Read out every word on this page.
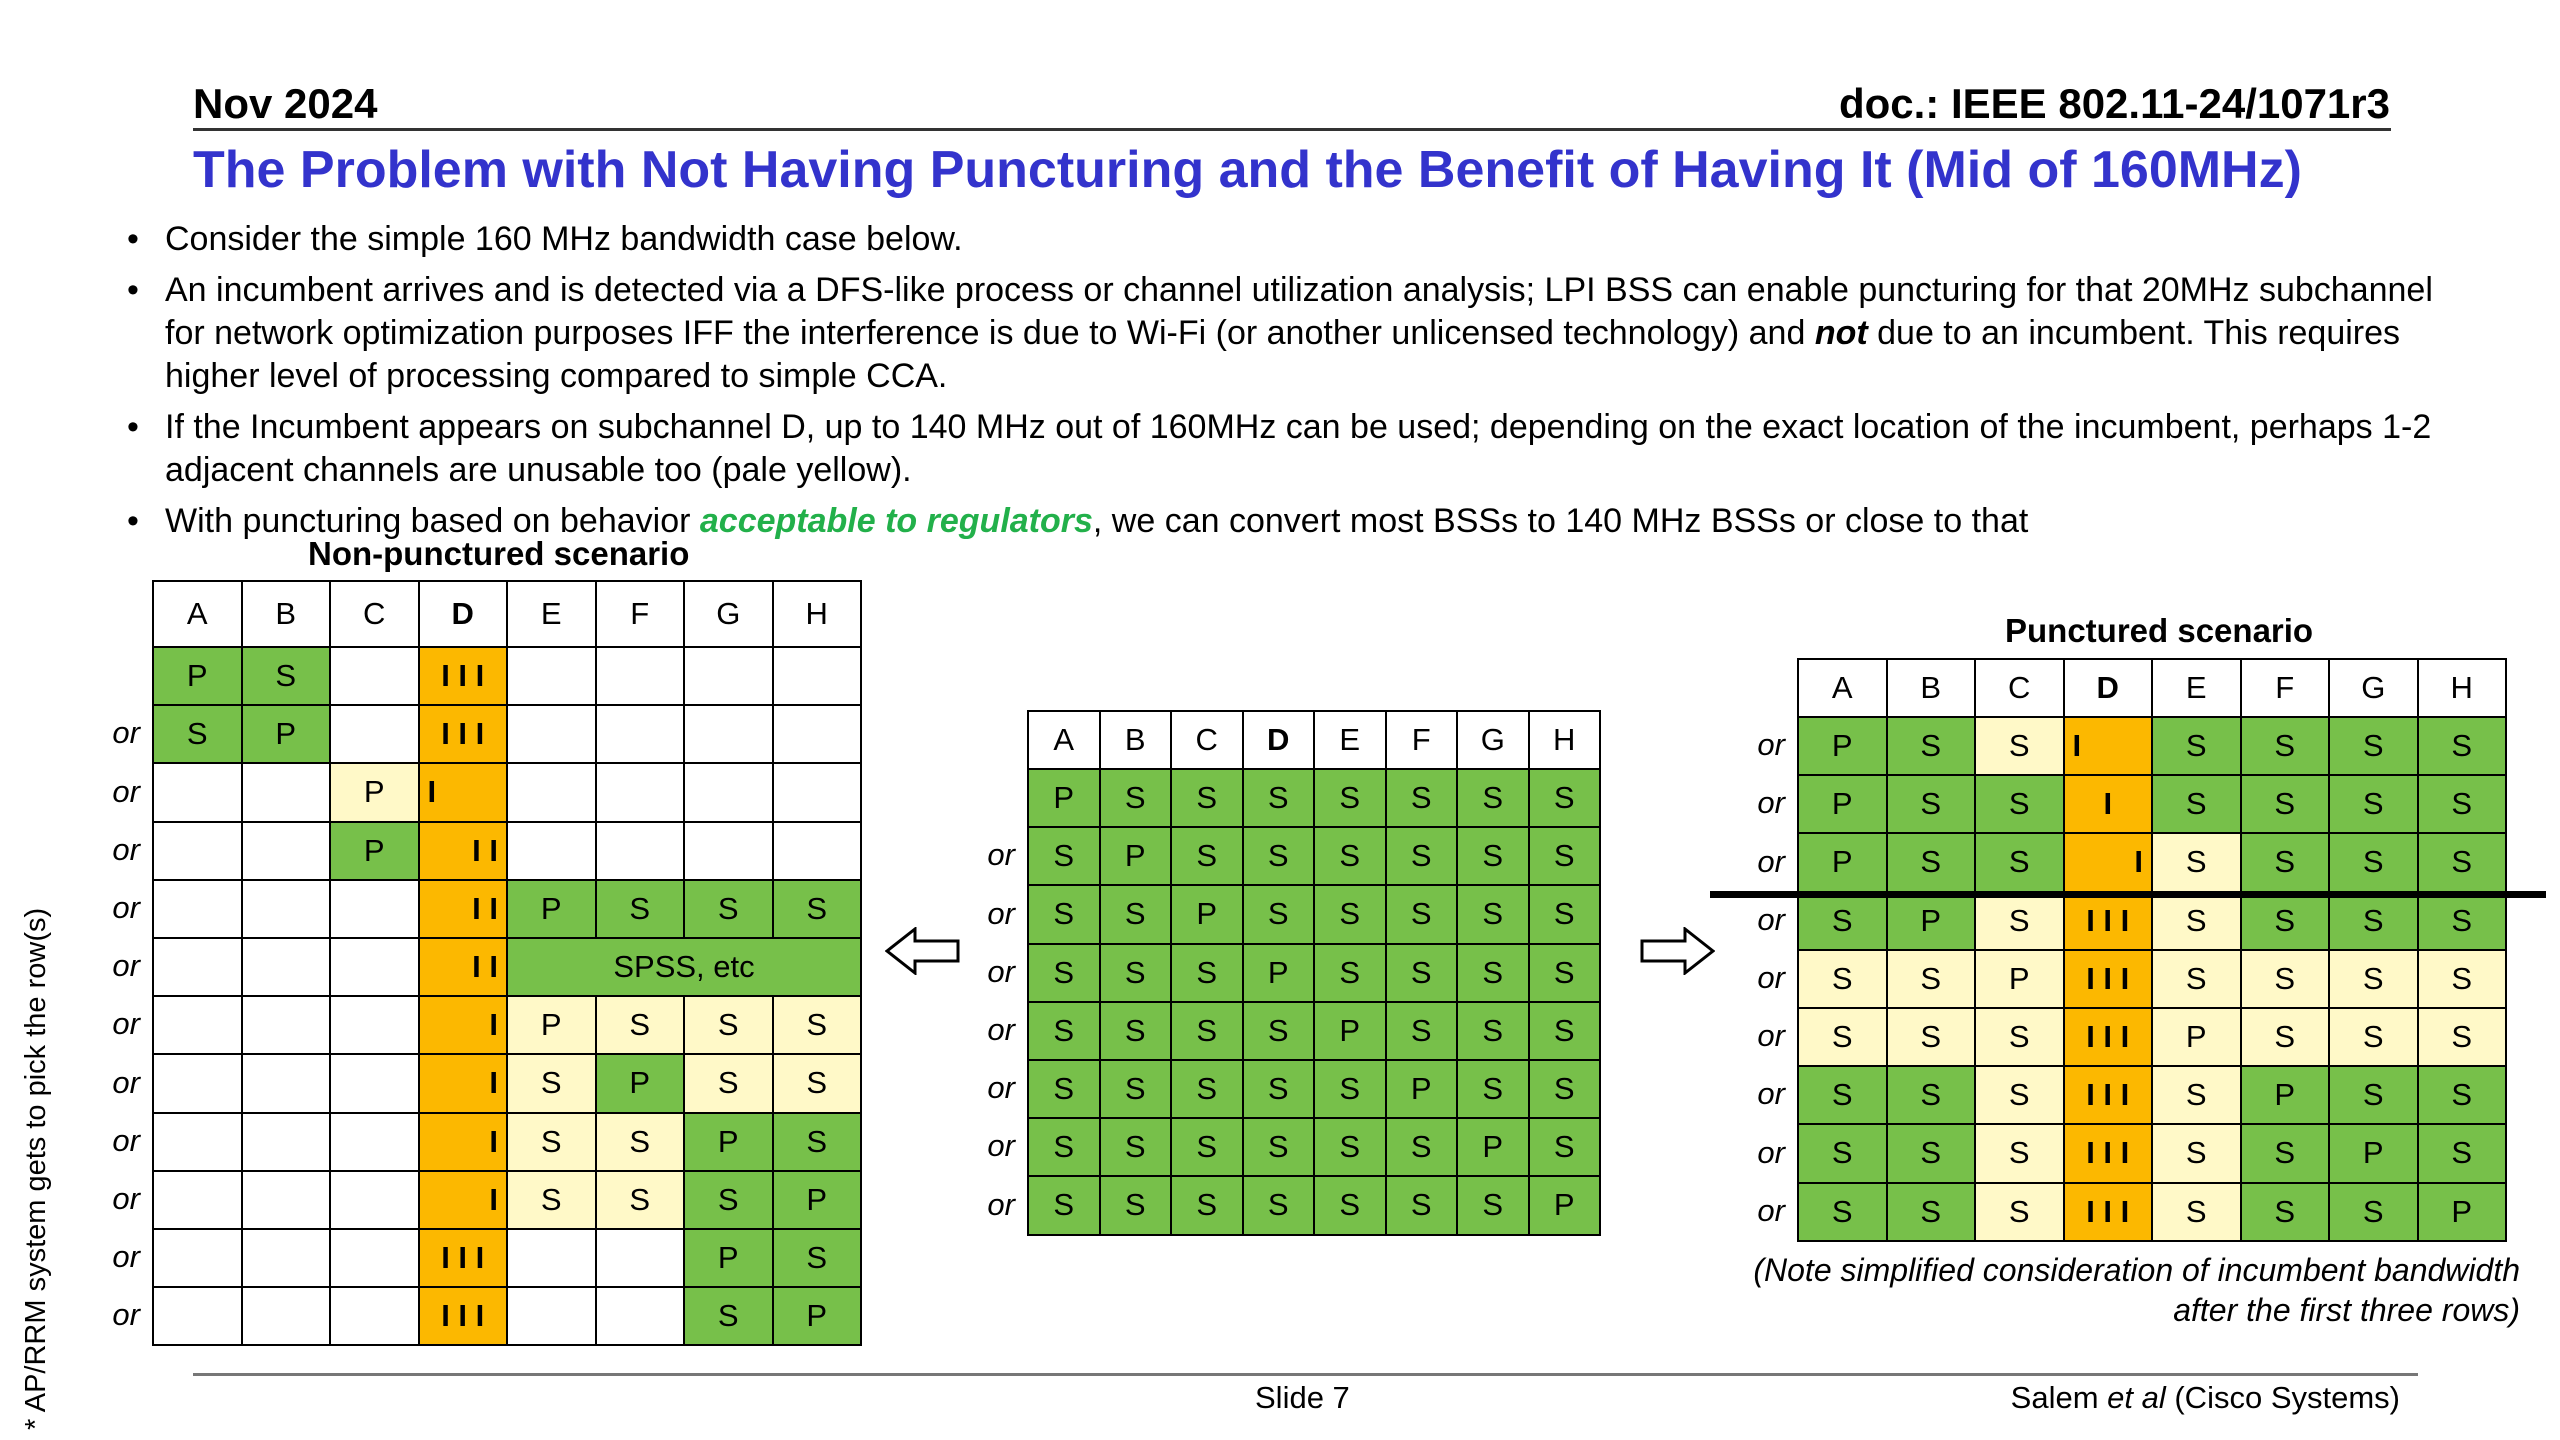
Nov 2024	doc.: IEEE 802.11-24/1071r3
The Problem with Not Having Puncturing and the Benefit of Having It (Mid of 160MHz)
• Consider the simple 160 MHz bandwidth case below.
• An incumbent arrives and is detected via a DFS-like process or channel utilization analysis; LPI BSS can enable puncturing for that 20MHz subchannel for network optimization purposes IFF the interference is due to Wi-Fi (or another unlicensed technology) and not due to an incumbent. This requires higher level of processing compared to simple CCA.
• If the Incumbent appears on subchannel D, up to 140 MHz out of 160MHz can be used; depending on the exact location of the incumbent, perhaps 1-2 adjacent channels are unusable too (pale yellow).
• With puncturing based on behavior acceptable to regulators, we can convert most BSSs to 140 MHz BSSs or close to that
Non-punctured scenario
Punctured scenario
or
or
or
or
or
or
or
or
or
or
or
A	B	C	D	E	F	G	H
P	S		I I I				
S	P		I I I				
		P	I				
		P	I I				
			I I	P	S	S	S
			I I	SPSS, etc			
			I	P	S	S	S
			I	S	P	S	S
			I	S	S	P	S
			I	S	S	S	P
			I I I			P	S
			I I I			S	P
or
or
or
or
or
or
or
A	B	C	D	E	F	G	H
P	S	S	S	S	S	S	S
S	P	S	S	S	S	S	S
S	S	P	S	S	S	S	S
S	S	S	P	S	S	S	S
S	S	S	S	P	S	S	S
S	S	S	S	S	P	S	S
S	S	S	S	S	S	P	S
S	S	S	S	S	S	S	P
or
or
or
or
or
or
or
or
or
A	B	C	D	E	F	G	H
P	S	S	I	S	S	S	S
P	S	S	I	S	S	S	S
P	S	S	I	S	S	S	S
S	P	S	I I I	S	S	S	S
S	S	P	I I I	S	S	S	S
S	S	S	I I I	P	S	S	S
S	S	S	I I I	S	P	S	S
S	S	S	I I I	S	S	P	S
S	S	S	I I I	S	S	S	P
* AP/RRM system gets to pick the row(s)	(Note simplified consideration of incumbent bandwidth
after the first three rows)
Slide 7	Salem et al (Cisco Systems)
